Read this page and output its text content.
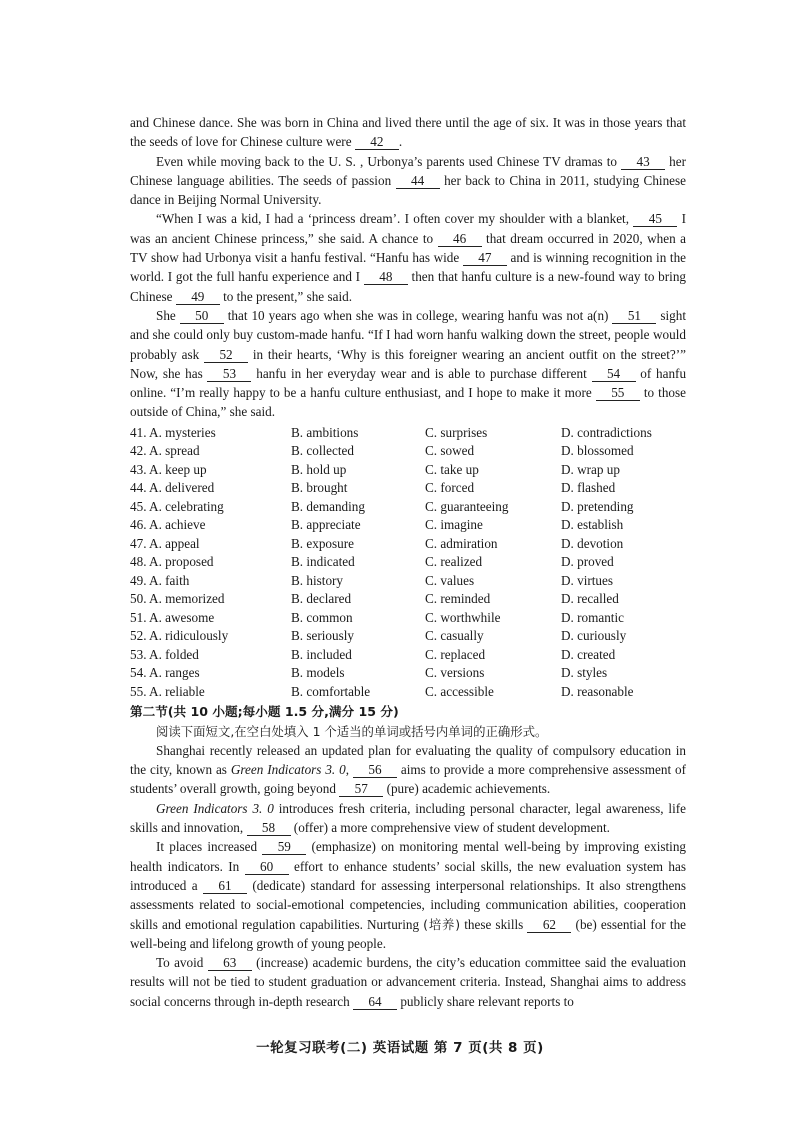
and Chinese dance. She was born in China and lived there until the age of six. It was in those years that the seeds of love for Chinese culture were 42 .

Even while moving back to the U. S. , Urbonya’s parents used Chinese TV dramas to 43 her Chinese language abilities. The seeds of passion 44 her back to China in 2011, studying Chinese dance in Beijing Normal University.

“When I was a kid, I had a ‘princess dream’. I often cover my shoulder with a blanket, 45 I was an ancient Chinese princess,” she said. A chance to 46 that dream occurred in 2020, when a TV show had Urbonya visit a hanfu festival. “Hanfu has wide 47 and is winning recognition in the world. I got the full hanfu experience and I 48 then that hanfu culture is a new-found way to bring Chinese 49 to the present,” she said.

She 50 that 10 years ago when she was in college, wearing hanfu was not a(n) 51 sight and she could only buy custom-made hanfu. “If I had worn hanfu walking down the street, people would probably ask 52 in their hearts, ‘Why is this foreigner wearing an ancient outfit on the street?’” Now, she has 53 hanfu in her everyday wear and is able to purchase different 54 of hanfu online. “I’m really happy to be a hanfu culture enthusiast, and I hope to make it more 55 to those outside of China,” she said.

41. A. mysteries	B. ambitions	C. surprises	D. contradictions
42. A. spread	B. collected	C. sowed	D. blossomed
43. A. keep up	B. hold up	C. take up	D. wrap up
44. A. delivered	B. brought	C. forced	D. flashed
45. A. celebrating	B. demanding	C. guaranteeing	D. pretending
46. A. achieve	B. appreciate	C. imagine	D. establish
47. A. appeal	B. exposure	C. admiration	D. devotion
48. A. proposed	B. indicated	C. realized	D. proved
49. A. faith	B. history	C. values	D. virtues
50. A. memorized	B. declared	C. reminded	D. recalled
51. A. awesome	B. common	C. worthwhile	D. romantic
52. A. ridiculously	B. seriously	C. casually	D. curiously
53. A. folded	B. included	C. replaced	D. created
54. A. ranges	B. models	C. versions	D. styles
55. A. reliable	B. comfortable	C. accessible	D. reasonable
第二节(共 10 小题;每小题 1.5 分,满分 15 分)
阅读下面短文,在空白处填入 1 个适当的单词或括号内单词的正确形式。

Shanghai recently released an updated plan for evaluating the quality of compulsory education in the city, known as Green Indicators 3. 0, 56 aims to provide a more comprehensive assessment of students’ overall growth, going beyond 57 (pure) academic achievements.

Green Indicators 3. 0 introduces fresh criteria, including personal character, legal awareness, life skills and innovation, 58 (offer) a more comprehensive view of student development.

It places increased 59 (emphasize) on monitoring mental well-being by improving existing health indicators. In 60 effort to enhance students’ social skills, the new evaluation system has introduced a 61 (dedicate) standard for assessing interpersonal relationships. It also strengthens assessments related to social-emotional competencies, including communication abilities, cooperation skills and emotional regulation capabilities. Nurturing (培养) these skills 62 (be) essential for the well-being and lifelong growth of young people.

To avoid 63 (increase) academic burdens, the city’s education committee said the evaluation results will not be tied to student graduation or advancement criteria. Instead, Shanghai aims to address social concerns through in-depth research 64 publicly share relevant reports to

一轮复习联考(二) 英语试题 第 7 页(共 8 页)
